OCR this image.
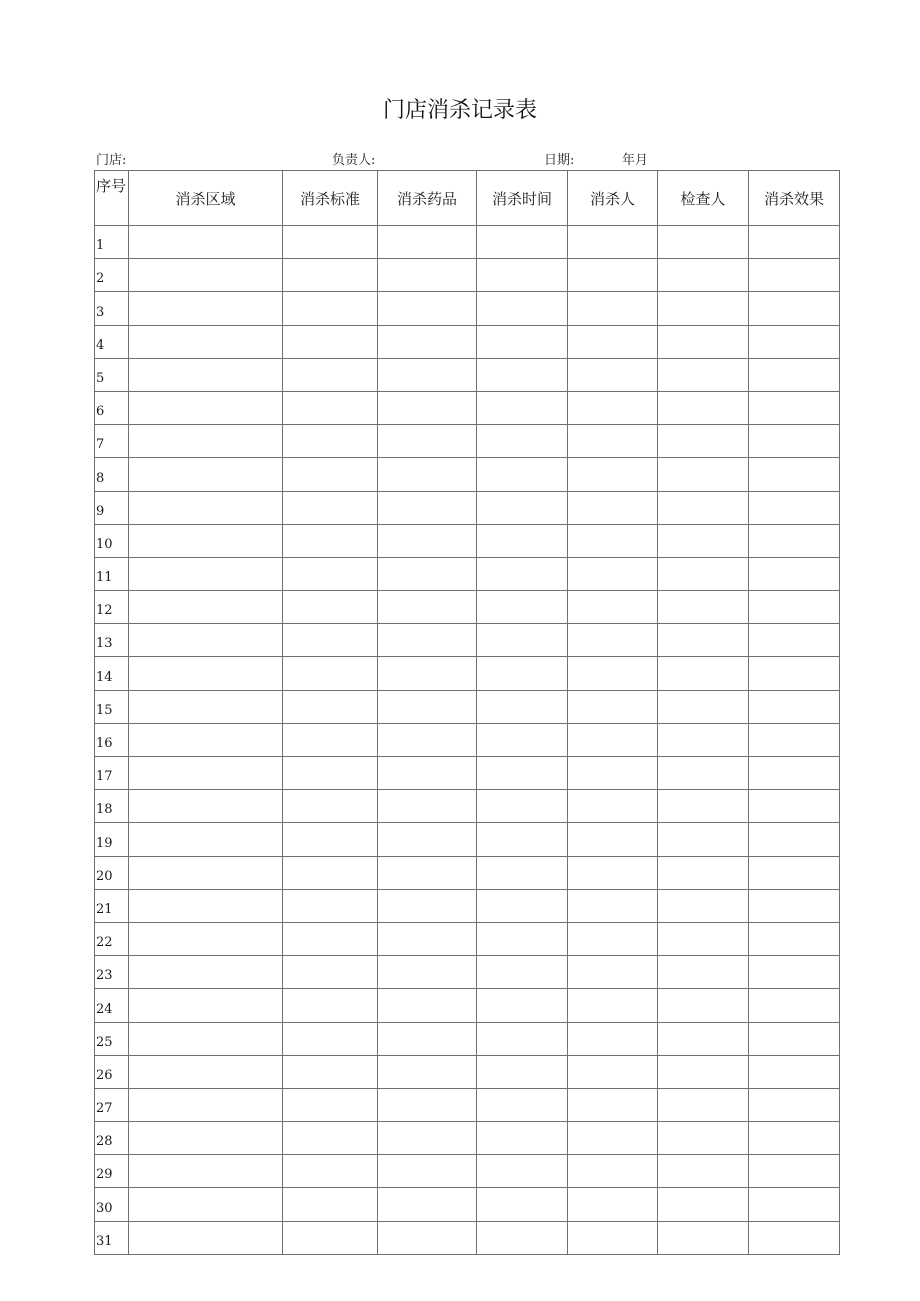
门店消杀记录表
门店:	负责人:	日期:	年月
序号	消杀区域	消杀标准	消杀药品	消杀时间	消杀人	检查人	消杀效果
1							
2							
3							
4							
5							
6							
7							
8							
9							
10							
11							
12							
13							
14							
15							
16							
17							
18							
19							
20							
21							
22							
23							
24							
25							
26							
27							
28							
29							
30							
31							
